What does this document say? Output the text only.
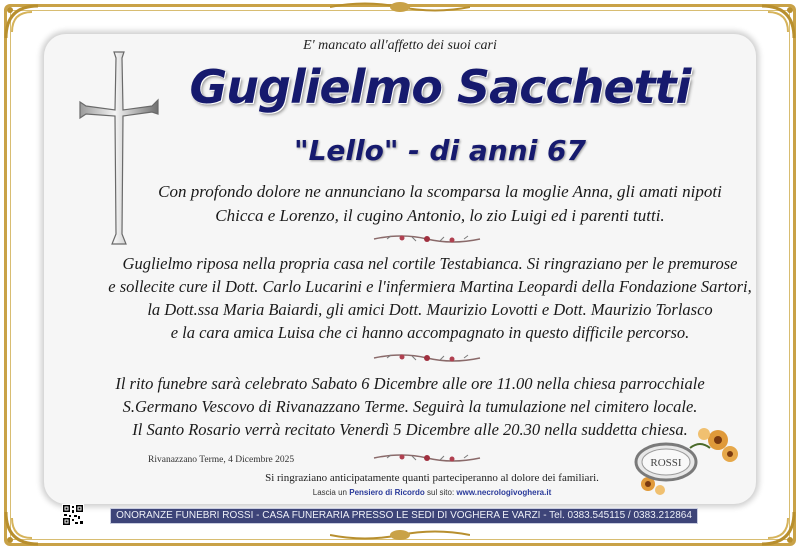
E' mancato all'affetto dei suoi cari
Guglielmo Sacchetti
"Lello" - di anni 67
Con profondo dolore ne annunciano la scomparsa la moglie Anna, gli amati nipoti
Chicca e Lorenzo, il cugino Antonio, lo zio Luigi ed i parenti tutti.
Guglielmo riposa nella propria casa nel cortile Testabianca. Si ringraziano per le premurose
e sollecite cure il Dott. Carlo Lucarini e l'infermiera Martina Leopardi della Fondazione Sartori,
la Dott.ssa Maria Baiardi, gli amici Dott. Maurizio Lovotti e Dott. Maurizio Torlasco
e la cara amica Luisa che ci hanno accompagnato in questo difficile percorso.
Il rito funebre sarà celebrato Sabato 6 Dicembre alle ore 11.00 nella chiesa parrocchiale
S.Germano Vescovo di Rivanazzano Terme. Seguirà la tumulazione nel cimitero locale.
Il Santo Rosario verrà recitato Venerdì 5 Dicembre alle 20.30 nella suddetta chiesa.
Rivanazzano Terme, 4 Dicembre 2025
Si ringraziano anticipatamente quanti parteciperanno al dolore dei familiari.
Lascia un Pensiero di Ricordo sul sito: www.necrologivoghera.it
ROSSI
ONORANZE FUNEBRI ROSSI - CASA FUNERARIA PRESSO LE SEDI DI VOGHERA E VARZI - Tel. 0383.545115 / 0383.212864
